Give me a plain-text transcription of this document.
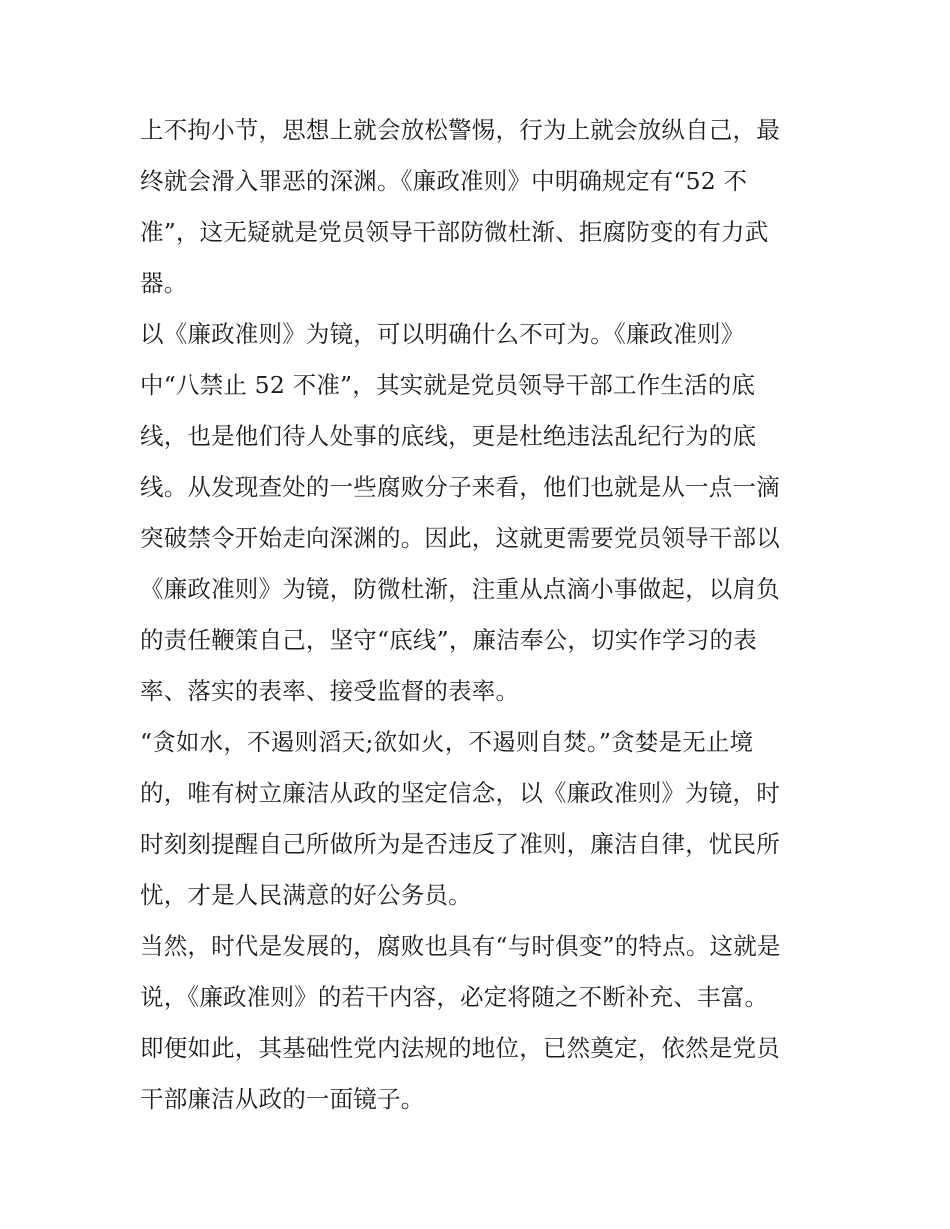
上不拘小节，思想上就会放松警惕，行为上就会放纵自己，最
终就会滑入罪恶的深渊。《廉政准则》中明确规定有“52 不
准”，这无疑就是党员领导干部防微杜渐、拒腐防变的有力武
器。
以《廉政准则》为镜，可以明确什么不可为。《廉政准则》
中“八禁止 52 不准”，其实就是党员领导干部工作生活的底
线，也是他们待人处事的底线，更是杜绝违法乱纪行为的底
线。从发现查处的一些腐败分子来看，他们也就是从一点一滴
突破禁令开始走向深渊的。因此，这就更需要党员领导干部以
《廉政准则》为镜，防微杜渐，注重从点滴小事做起，以肩负
的责任鞭策自己，坚守“底线”，廉洁奉公，切实作学习的表
率、落实的表率、接受监督的表率。
“贪如水，不遏则滔天;欲如火，不遏则自焚。”贪婪是无止境
的，唯有树立廉洁从政的坚定信念，以《廉政准则》为镜，时
时刻刻提醒自己所做所为是否违反了准则，廉洁自律，忧民所
忧，才是人民满意的好公务员。
当然，时代是发展的，腐败也具有“与时俱变”的特点。这就是
说，《廉政准则》的若干内容，必定将随之不断补充、丰富。
即便如此，其基础性党内法规的地位，已然奠定，依然是党员
干部廉洁从政的一面镜子。
